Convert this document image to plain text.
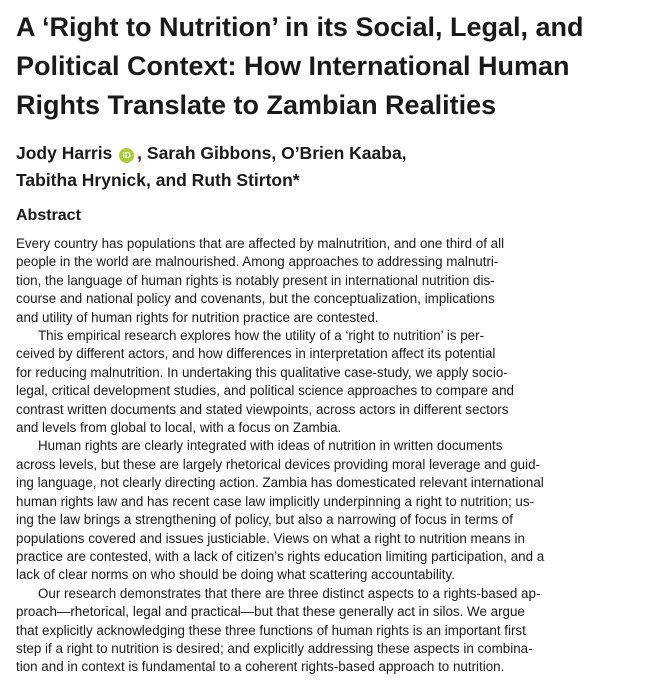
A ‘Right to Nutrition’ in its Social, Legal, and
Political Context: How International Human
Rights Translate to Zambian Realities
Jody Harris iD , Sarah Gibbons, O’Brien Kaaba,
Tabitha Hrynick, and Ruth Stirton*
Abstract

Every country has populations that are affected by malnutrition, and one third of all
people in the world are malnourished. Among approaches to addressing malnutri-
tion, the language of human rights is notably present in international nutrition dis-
course and national policy and covenants, but the conceptualization, implications
and utility of human rights for nutrition practice are contested.

This empirical research explores how the utility of a ‘right to nutrition’ is per-
ceived by different actors, and how differences in interpretation affect its potential
for reducing malnutrition. In undertaking this qualitative case-study, we apply socio-
legal, critical development studies, and political science approaches to compare and
contrast written documents and stated viewpoints, across actors in different sectors
and levels from global to local, with a focus on Zambia.

Human rights are clearly integrated with ideas of nutrition in written documents
across levels, but these are largely rhetorical devices providing moral leverage and guid-
ing language, not clearly directing action. Zambia has domesticated relevant international
human rights law and has recent case law implicitly underpinning a right to nutrition; us-
ing the law brings a strengthening of policy, but also a narrowing of focus in terms of
populations covered and issues justiciable. Views on what a right to nutrition means in
practice are contested, with a lack of citizen’s rights education limiting participation, and a
lack of clear norms on who should be doing what scattering accountability.

Our research demonstrates that there are three distinct aspects to a rights-based ap-
proach—rhetorical, legal and practical—but that these generally act in silos. We argue
that explicitly acknowledging these three functions of human rights is an important first
step if a right to nutrition is desired; and explicitly addressing these aspects in combina-
tion and in context is fundamental to a coherent rights-based approach to nutrition.
